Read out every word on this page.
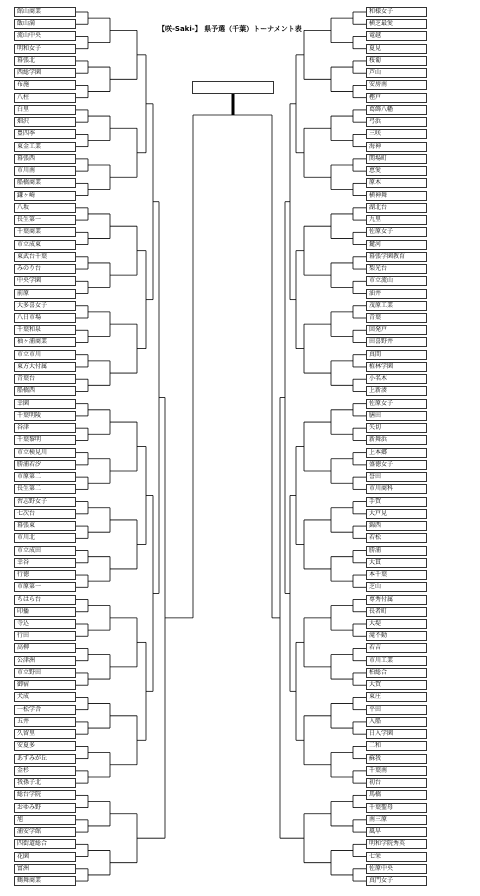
【咲-Saki-】 県予選（千葉）トーナメント表
館山商業
飯山満
流山中央
明和女子
幕張北
西総学園
布施
八柱
白里
畑沢
豊四季
東金工業
幕張西
市川南
船橋商業
鎌ヶ崎
八坂
長生第一
千葉商業
市立成東
東武台千葉
みのり台
中央学園
前原
大多喜女子
八日市場
千葉和泉
袖ヶ浦商業
市立市川
東方大付属
青葉台
船橋西
幸園
千葉明陵
谷津
千葉黎明
市立検見川
勝浦若汐
市原第二
長生第二
習志野女子
七次台
幕張東
市川北
市立成田
幸谷
行徳
市原第一
ちはら台
印播
寺込
行田
高柳
公津洲
市立野田
御宿
犬成
一松学舎
五井
久留里
安夏多
あすみが丘
金杉
我孫子北
総台学院
おゆみ野
旭
浦安学館
四街道総合
花園
富洲
鶴舞商業
和様女子
横芝最愛
竜越
夏見
桜葡
芦山
安房南
樫戸
葛飾八幡
弓浜
三咲
海神
関場町
恵愛
原木
横神舞
湖北台
九里
佐原女子
麓河
幕張学園教育
梨光台
市立流山
油井
茂原工業
青葉
回発戸
田喜野井
真間
植林学園
小名木
上新湊
佐原女子
膳田
矢切
新舞浜
上本郷
盛徳女子
誉田
市川商科
手賀
大戸見
錦西
若松
勝浦
大貫
本千葉
芝山
専秀付属
長者町
大堤
滝不動
若吉
市川工業
柏総合
大賀
東庄
平田
入船
日入学園
二和
蘇我
千葉南
初台
馬橋
千葉聖母
南三原
風早
明和学院秀英
七栄
佐原中央
真門女子
